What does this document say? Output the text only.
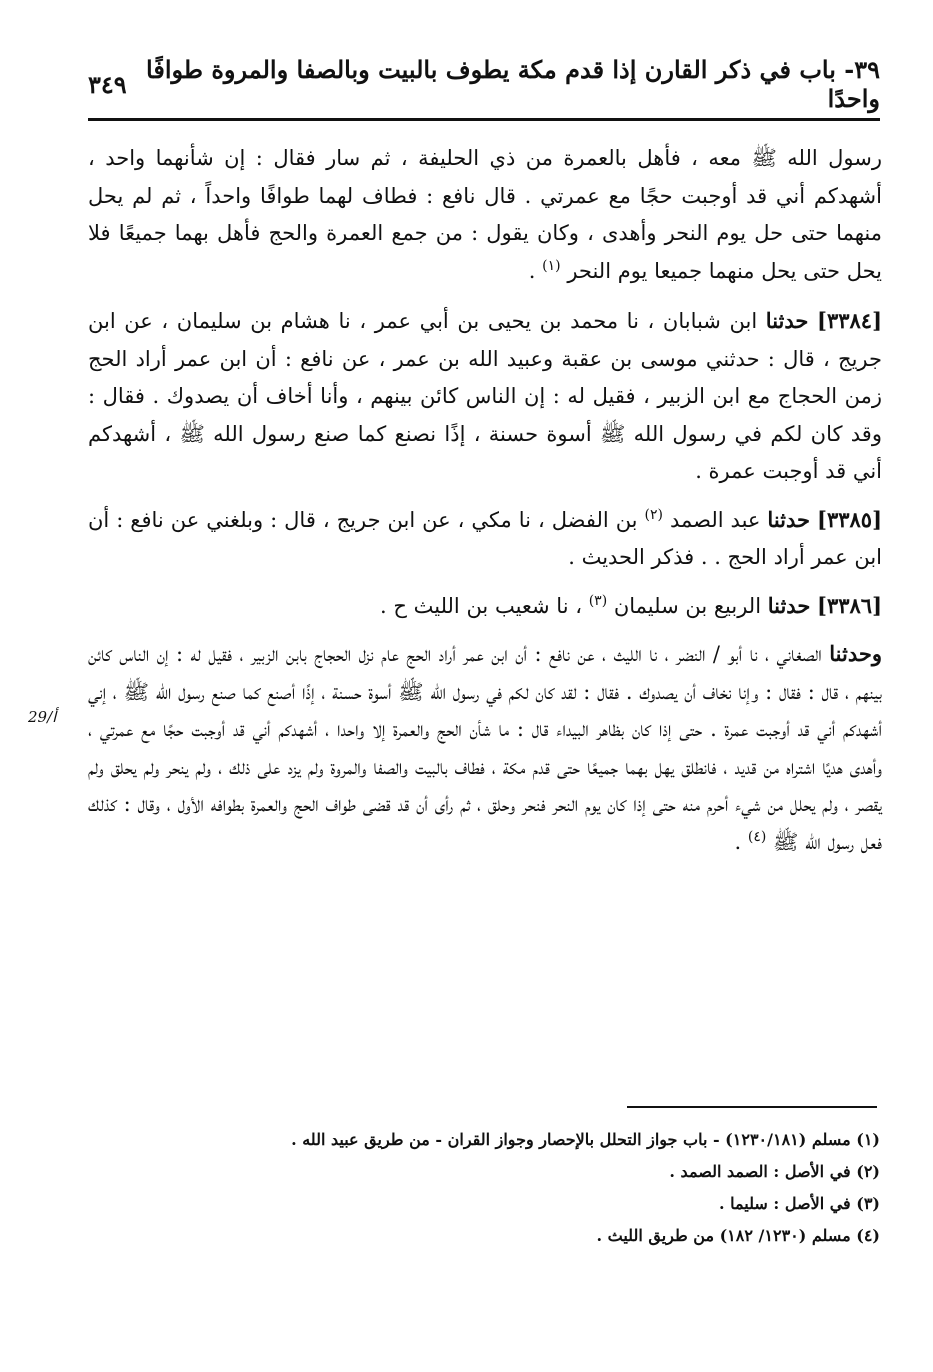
٣٩- باب في ذكر القارن إذا قدم مكة يطوف بالبيت وبالصفا والمروة طوافًا واحدًا
٣٤٩

رسول الله ﷺ معه ، فأهل بالعمرة من ذي الحليفة ، ثم سار فقال : إن شأنهما واحد ، أشهدكم أني قد أوجبت حجًا مع عمرتي . قال نافع : فطاف لهما طوافًا واحداً ، ثم لم يحل منهما حتى حل يوم النحر وأهدى ، وكان يقول : من جمع العمرة والحج فأهل بهما جميعًا فلا يحل حتى يحل منهما جميعا يوم النحر $^{(١)}$ .

[٣٣٨٤] حدثنا ابن شبابان ، نا محمد بن يحيى بن أبي عمر ، نا هشام بن سليمان ، عن ابن جريج ، قال : حدثني موسى بن عقبة وعبيد الله بن عمر ، عن نافع : أن ابن عمر أراد الحج زمن الحجاج مع ابن الزبير ، فقيل له : إن الناس كائن بينهم ، وأنا أخاف أن يصدوك . فقال : وقد كان لكم في رسول الله ﷺ أسوة حسنة ، إذًا نصنع كما صنع رسول الله ﷺ ، أشهدكم أني قد أوجبت عمرة .

[٣٣٨٥] حدثنا عبد الصمد $^{(٢)}$ بن الفضل ، نا مكي ، عن ابن جريج ، قال : وبلغني عن نافع : أن ابن عمر أراد الحج . . فذكر الحديث .

[٣٣٨٦] حدثنا الربيع بن سليمان $^{(٣)}$ ، نا شعيب بن الليث ح .

وحدثنا الصغاني ، نا أبو / النضر ، نا الليث ، عن نافع : أن ابن عمر أراد الحج عام نزل الحجاج بابن الزبير ، فقيل له : إن الناس كائن بينهم ، قال : فقال : وإنا نخاف أن يصدوك . فقال : لقد كان لكم في رسول الله ﷺ أسوة حسنة ، إذًا أصنع كما صنع رسول الله ﷺ ، إني أشهدكم أني قد أوجبت عمرة . حتى إذا كان بظاهر البيداء قال : ما شأن الحج والعمرة إلا واحدا ، أشهدكم أني قد أوجبت حجًا مع عمرتي ، وأهدى هديًا اشتراه من قديد ، فانطلق يهل بهما جميعًا حتى قدم مكة ، فطاف بالبيت والصفا والمروة ولم يزد على ذلك ، ولم ينحر ولم يحلق ولم يقصر ، ولم يحلل من شيء أحرم منه حتى إذا كان يوم النحر فنحر وحلق ، ثم رأى أن قد قضى طواف الحج والعمرة بطوافه الأول ، وقال : كذلك فعل رسول الله ﷺ $^{(٤)}$ .

29/أ

(١) مسلم (١٢٣٠/١٨١) - باب جواز التحلل بالإحصار وجواز القران - من طريق عبيد الله .

(٢) في الأصل : الصمد الصمد .

(٣) في الأصل : سليما .

(٤) مسلم (١٢٣٠/ ١٨٢) من طريق الليث .
